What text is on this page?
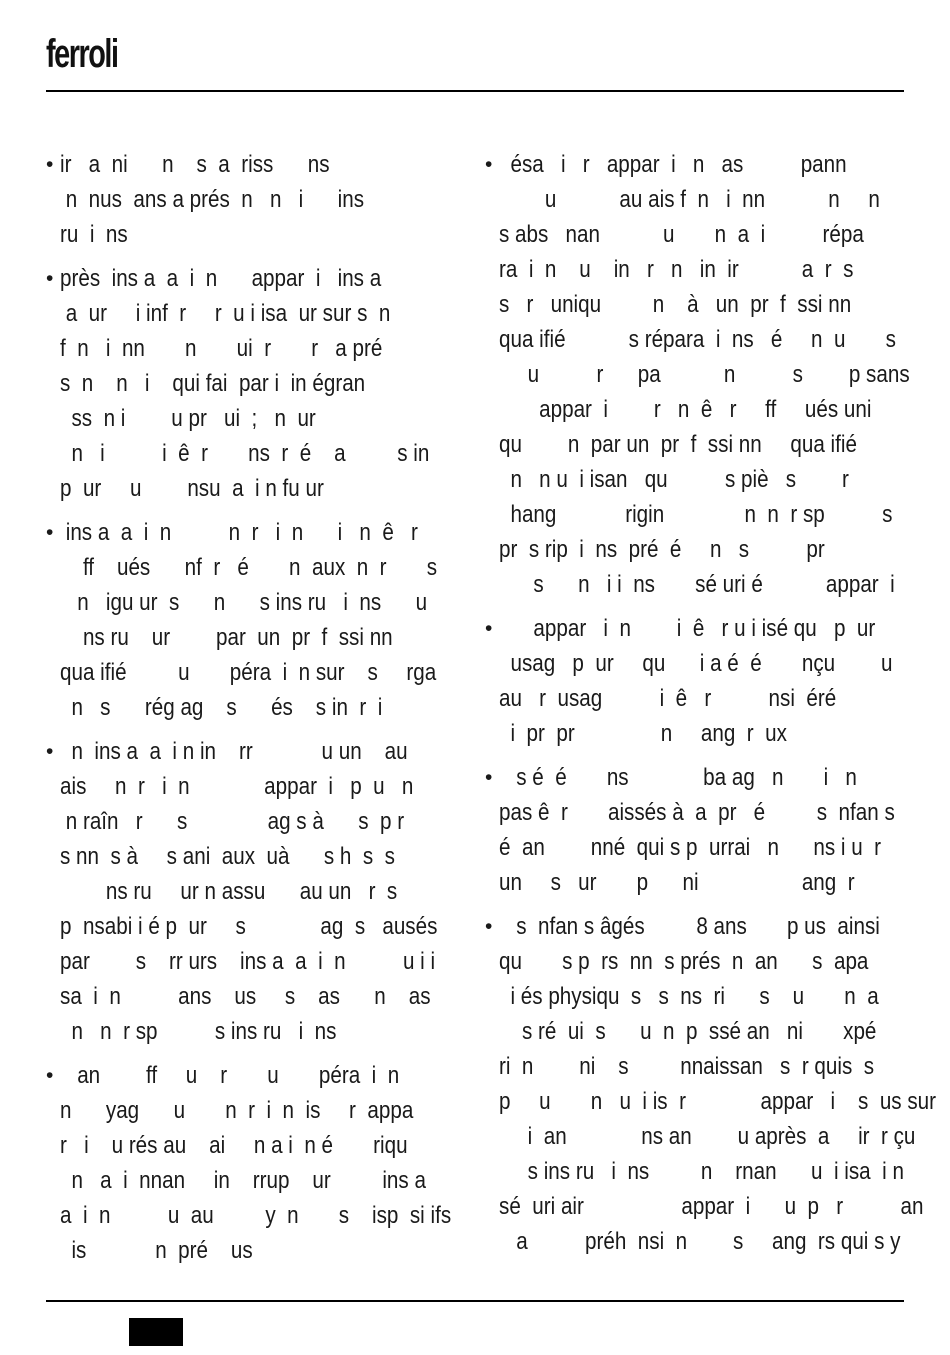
ferroli
• ir   a  ni      n    s  a  riss      ns
n  nus  ans a prés  n   n   i      ins
ru  i  ns
• près  ins a  a  i  n      appar  i   ins a
a  ur     i inf  r     r  u i isa  ur sur s  n
f  n   i  nn       n       ui  r       r   a pré
s  n    n   i    qui fai  par i  in égran
ss  n i        u pr   ui  ;   n  ur
n   i          i  ê  r       ns  r  é    a         s in
p  ur     u        nsu  a  i n fu ur
• ins a  a  i  n          n  r   i  n      i   n  ê   r
ff    ués      nf  r   é       n  aux  n  r       s
n   igu ur  s      n      s ins ru   i  ns      u
ns ru    ur        par  un  pr  f  ssi nn
qua ifié         u       péra  i  n sur    s     rga
n   s      rég ag    s      és    s in  r  i
• n  ins a  a  i n in    rr            u un    au
ais     n  r   i  n             appar  i   p  u   n
n raîn   r      s              ag s à      s  p r
s nn  s à     s ani  aux  uà      s h  s  s
ns ru     ur n assu      au un   r  s
p  nsabi i é p  ur     s             ag  s   ausés
par        s    rr urs    ins a  a  i  n          u i i
sa  i  n          ans    us     s    as      n    as
n   n  r sp          s ins ru   i  ns
• an        ff     u    r       u       péra  i  n
n      yag      u       n  r  i  n  is     r  appa
r   i    u rés au    ai     n a i  n é       riqu
n   a  i  nnan     in    rrup    ur         ins a
a  i  n          u  au         y  n       s    isp  si ifs
is            n  pré    us
• ésa   i   r   appar  i   n   as          pann
u           au ais f  n   i  nn           n     n
s abs   nan           u       n  a  i          répa
ra  i  n    u    in   r   n   in  ir           a  r  s
s   r   uniqu         n    à   un  pr  f  ssi nn
qua ifié           s répara  i  ns   é     n  u       s
u          r      pa           n          s        p sans
appar  i        r   n  ê   r     ff     ués uni
qu        n  par un  pr  f  ssi nn     qua ifié
n   n u  i isan   qu          s piè   s        r
hang            rigin              n  n  r sp          s
pr  s rip  i  ns  pré  é     n   s          pr
s      n   i i  ns       sé uri é           appar  i
• appar   i  n        i  ê   r u i isé qu   p  ur
usag   p  ur     qu      i a é  é       nçu        u
au   r  usag          i  ê   r          nsi  éré
i  pr  pr               n     ang  r  ux
• s é  é       ns             ba ag   n       i   n
pas ê  r       aissés à  a  pr   é         s  nfan s
é  an        nné  qui s p  urrai   n      ns i u  r
un     s   ur       p      ni                  ang  r
• s  nfan s âgés         8 ans       p us  ainsi
qu       s p  rs  nn  s prés  n  an      s  apa
i és physiqu  s   s  ns  ri      s    u       n  a
s ré  ui  s      u  n  p  ssé an   ni       xpé
ri  n        ni    s         nnaissan   s  r quis  s
p     u       n   u  i is  r             appar   i    s  us sur
i  an             ns an        u après  a     ir  r çu
s ins ru   i  ns         n    rnan      u  i isa  i n
sé  uri air                 appar  i      u  p   r          an
a          préh  nsi  n        s     ang  rs qui s y
